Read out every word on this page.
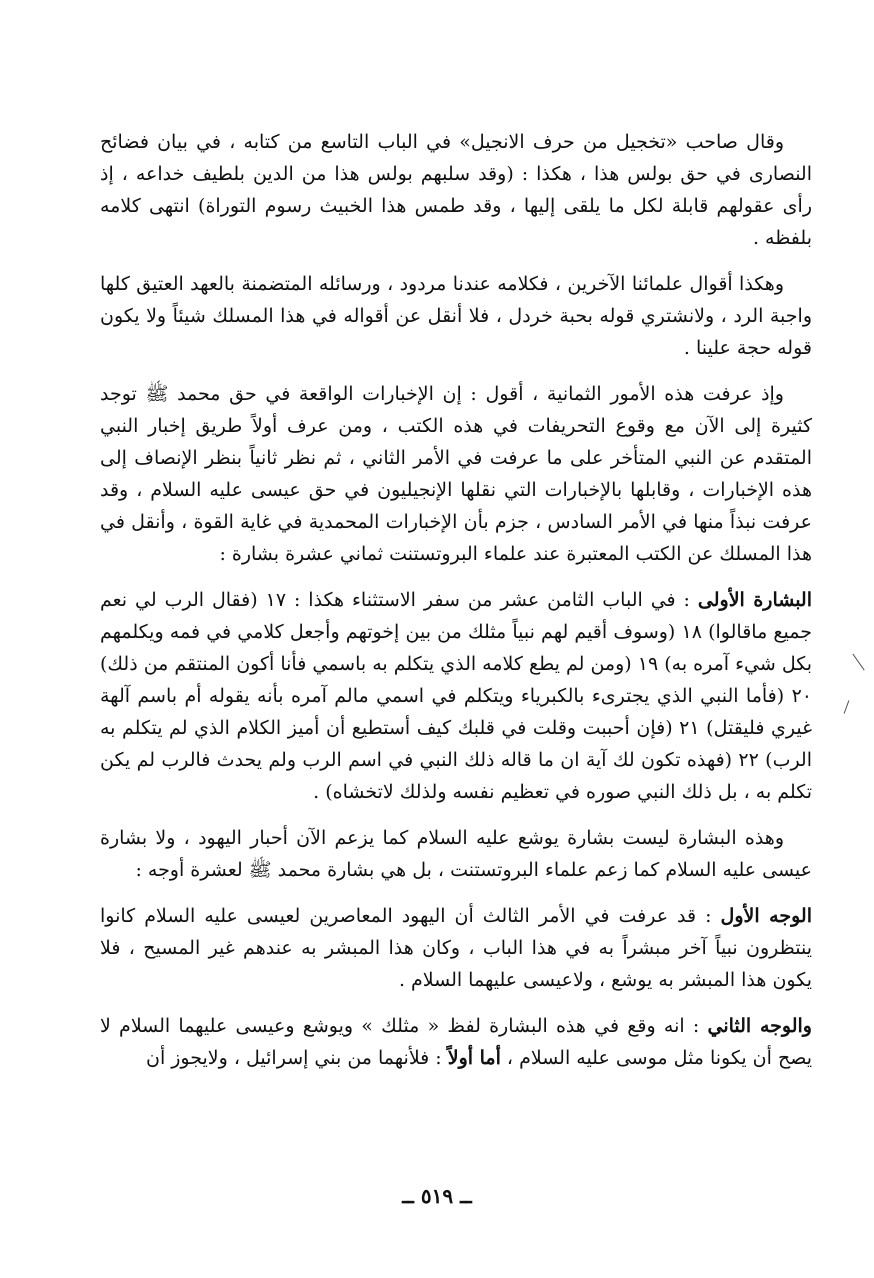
وقال صاحب «تخجيل من حرف الانجيل» في الباب التاسع من كتابه ، في بيان فضائح النصارى في حق بولس هذا ، هكذا : (وقد سلبهم بولس هذا من الدين بلطيف خداعه ، إذ رأى عقولهم قابلة لكل ما يلقى إليها ، وقد طمس هذا الخبيث رسوم التوراة) انتهى كلامه بلفظه .

وهكذا أقوال علمائنا الآخرين ، فكلامه عندنا مردود ، ورسائله المتضمنة بالعهد العتيق كلها واجبة الرد ، ولانشتري قوله بحبة خردل ، فلا أنقل عن أقواله في هذا المسلك شيئاً ولا يكون قوله حجة علينا .

وإذ عرفت هذه الأمور الثمانية ، أقول : إن الإخبارات الواقعة في حق محمد ﷺ توجد كثيرة إلى الآن مع وقوع التحريفات في هذه الكتب ، ومن عرف أولاً طريق إخبار النبي المتقدم عن النبي المتأخر على ما عرفت في الأمر الثاني ، ثم نظر ثانياً بنظر الإنصاف إلى هذه الإخبارات ، وقابلها بالإخبارات التي نقلها الإنجيليون في حق عيسى عليه السلام ، وقد عرفت نبذاً منها في الأمر السادس ، جزم بأن الإخبارات المحمدية في غاية القوة ، وأنقل في هذا المسلك عن الكتب المعتبرة عند علماء البروتستنت ثماني عشرة بشارة :

البشارة الأولى : في الباب الثامن عشر من سفر الاستثناء هكذا : ١٧ (فقال الرب لي نعم جميع ماقالوا) ١٨ (وسوف أقيم لهم نبياً مثلك من بين إخوتهم وأجعل كلامي في فمه ويكلمهم بكل شيء آمره به) ١٩ (ومن لم يطع كلامه الذي يتكلم به باسمي فأنا أكون المنتقم من ذلك) ٢٠ (فأما النبي الذي يجترىء بالكبرياء ويتكلم في اسمي مالم آمره بأنه يقوله أم باسم آلهة غيري فليقتل) ٢١ (فإن أحببت وقلت في قلبك كيف أستطيع أن أميز الكلام الذي لم يتكلم به الرب) ٢٢ (فهذه تكون لك آية ان ما قاله ذلك النبي في اسم الرب ولم يحدث فالرب لم يكن تكلم به ، بل ذلك النبي صوره في تعظيم نفسه ولذلك لاتخشاه) .

وهذه البشارة ليست بشارة يوشع عليه السلام كما يزعم الآن أحبار اليهود ، ولا بشارة عيسى عليه السلام كما زعم علماء البروتستنت ، بل هي بشارة محمد ﷺ لعشرة أوجه :

الوجه الأول : قد عرفت في الأمر الثالث أن اليهود المعاصرين لعيسى عليه السلام كانوا ينتظرون نبياً آخر مبشراً به في هذا الباب ، وكان هذا المبشر به عندهم غير المسيح ، فلا يكون هذا المبشر به يوشع ، ولاعيسى عليهما السلام .

والوجه الثاني : انه وقع في هذه البشارة لفظ « مثلك » ويوشع وعيسى عليهما السلام لا يصح أن يكونا مثل موسى عليه السلام ، أما أولاً : فلأنهما من بني إسرائيل ، ولايجوز أن

ــ ٥١٩ ــ
